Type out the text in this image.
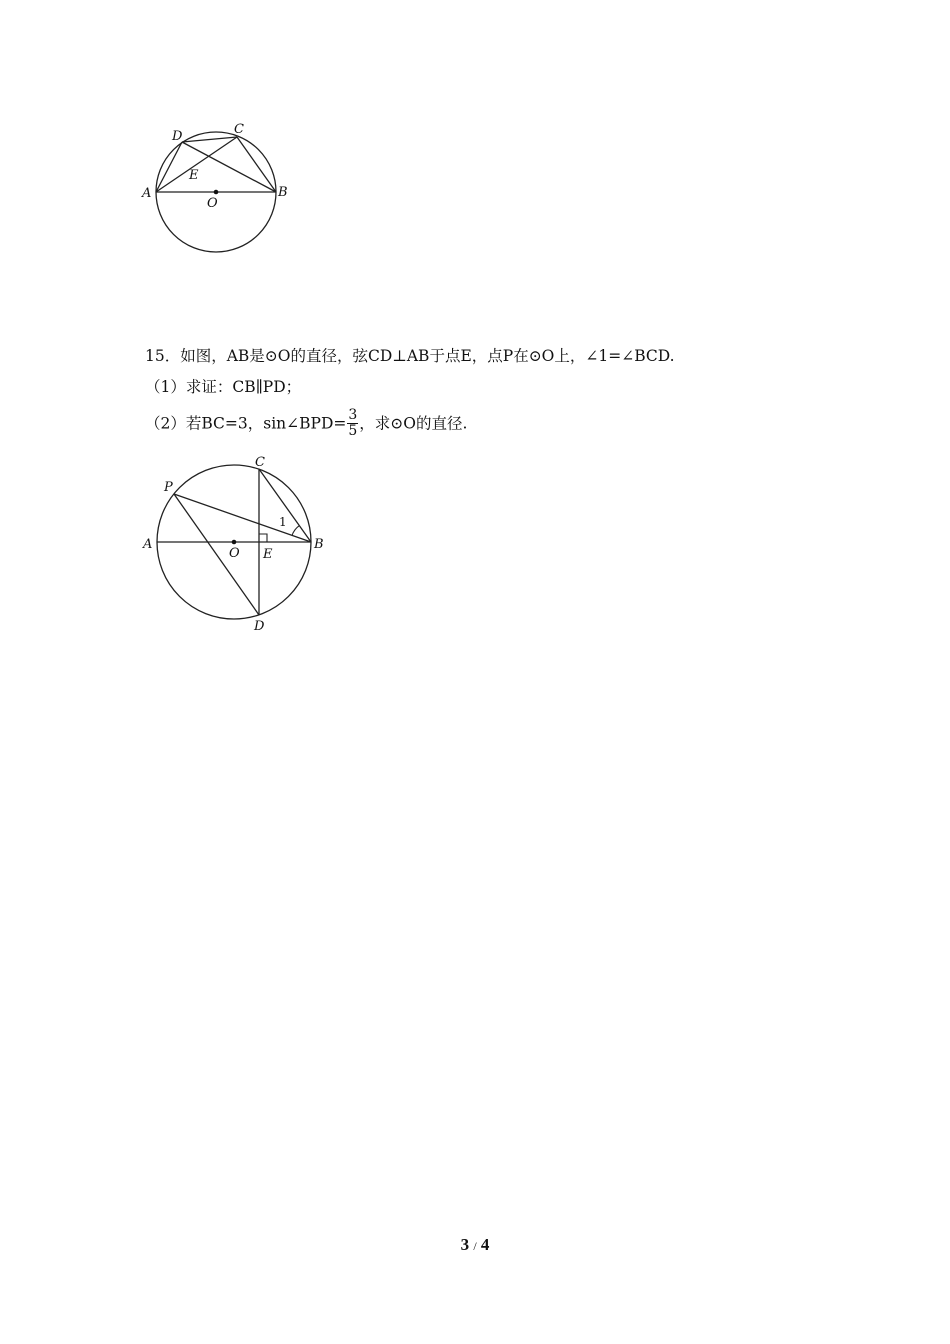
A	B
C
D
E
O
15．如图，AB是⊙O的直径，弦CD⊥AB于点E，点P在⊙O上，∠1=∠BCD.
（1）求证：CB∥PD；
（2）若BC=3，sin∠BPD= $\frac{3}{5}$ ，求⊙O的直径.
P
C
A
O E
B
D
1
3 / 4
